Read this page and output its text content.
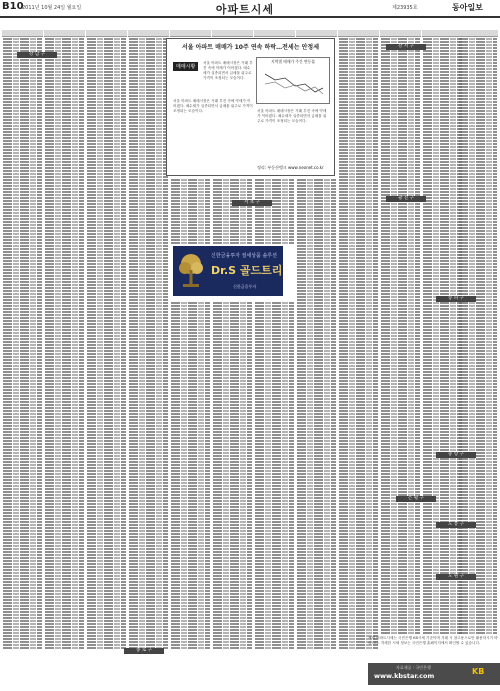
B10
2011년 10월 24일 월요일	아파트시세	제23935호	동아일보
서울 아파트 매매가 10주 연속 하락…전세는 안정세
매매시황
서울 아파트 매매시장은 거래 부진 속에 약세가 이어졌다. 매수세가 실종되면서 급매물 위주로 가격이 조정되는 모습이다.
서울 아파트 매매시장은 거래 부진 속에 약세가 이어졌다. 매수세가 실종되면서 급매물 위주로 가격이 조정되는 모습이다.	서울 아파트 매매시장은 거래 부진 속에 약세가 이어졌다. 매수세가 실종되면서 급매물 위주로 가격이 조정되는 모습이다.
지역별 매매가 주간 변동률
정리: 부동산뱅크 www.neonet.co.kr
강 남 구
강 서 구
서 초 구
광 진 구
송 파 구
중 랑 구
은 평 구
도 봉 구
노 원 구
종 로 구
신한금융투자 절세상품 솔루션
Dr.S 골드트리
신한금융투자
게재 아파트시세는 국민은행 KB시세 기준이며 거래 시 참고용으로만 활용하시기 바랍니다. 자세한 시세 정보는 국민은행 홈페이지에서 확인할 수 있습니다.
자료제공 : 국민은행
www.kbstar.com	KB
